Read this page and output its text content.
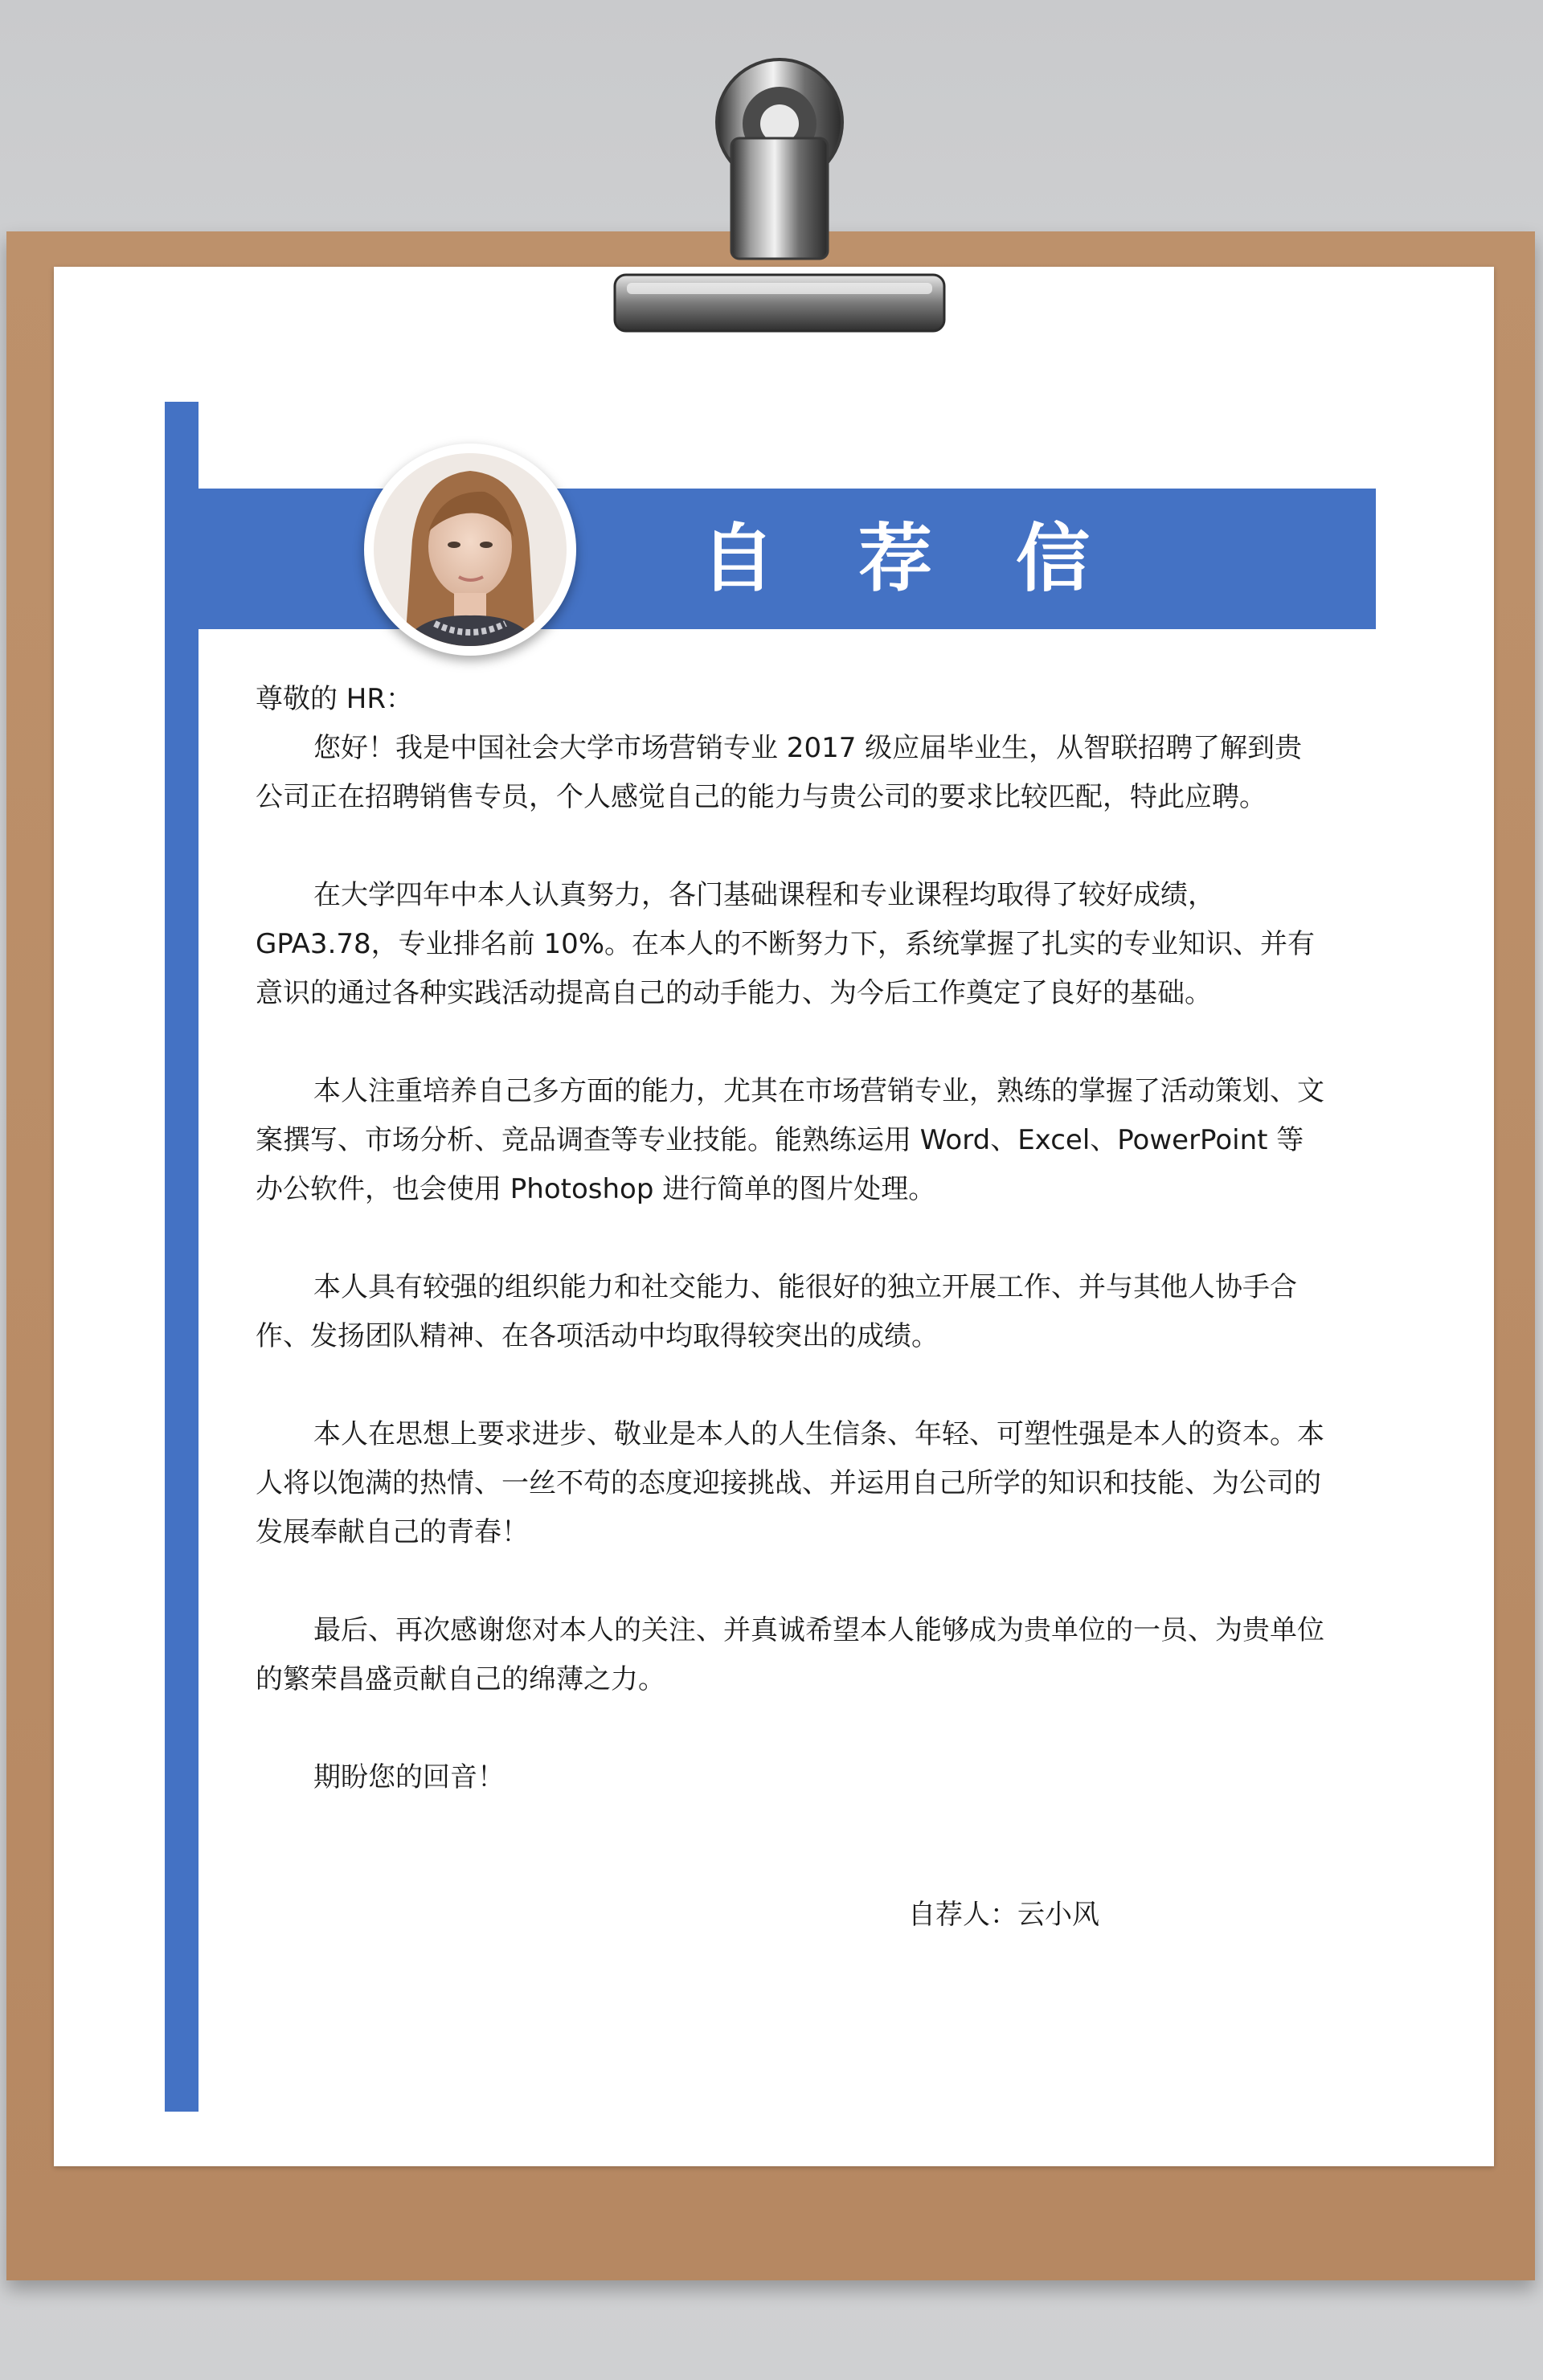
自 荐 信

尊敬的 HR：

您好！我是中国社会大学市场营销专业 2017 级应届毕业生，从智联招聘了解到贵公司正在招聘销售专员，个人感觉自己的能力与贵公司的要求比较匹配，特此应聘。

在大学四年中本人认真努力，各门基础课程和专业课程均取得了较好成绩，GPA3.78，专业排名前 10%。在本人的不断努力下，系统掌握了扎实的专业知识、并有意识的通过各种实践活动提高自己的动手能力、为今后工作奠定了良好的基础。

本人注重培养自己多方面的能力，尤其在市场营销专业，熟练的掌握了活动策划、文案撰写、市场分析、竞品调查等专业技能。能熟练运用 Word、Excel、PowerPoint 等办公软件，也会使用 Photoshop 进行简单的图片处理。

本人具有较强的组织能力和社交能力、能很好的独立开展工作、并与其他人协手合作、发扬团队精神、在各项活动中均取得较突出的成绩。

本人在思想上要求进步、敬业是本人的人生信条、年轻、可塑性强是本人的资本。本人将以饱满的热情、一丝不苟的态度迎接挑战、并运用自己所学的知识和技能、为公司的发展奉献自己的青春！

最后、再次感谢您对本人的关注、并真诚希望本人能够成为贵单位的一员、为贵单位的繁荣昌盛贡献自己的绵薄之力。

期盼您的回音！

自荐人：云小风
